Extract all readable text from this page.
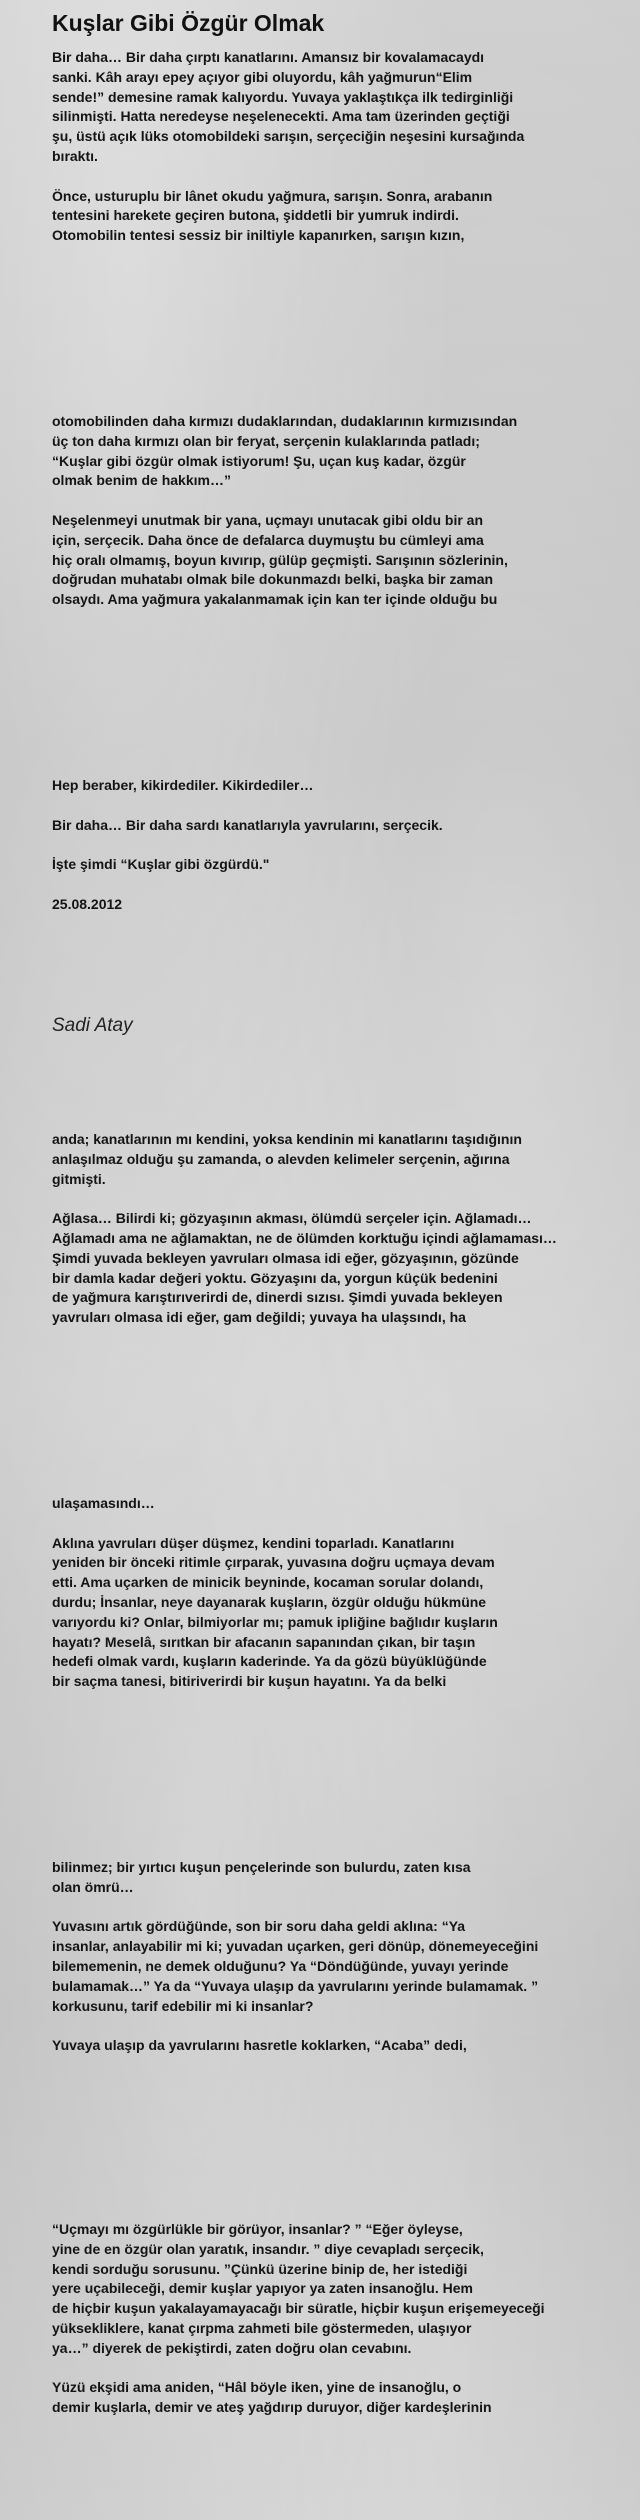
Kuşlar Gibi Özgür Olmak

Bir daha… Bir daha çırptı kanatlarını. Amansız bir kovalamacaydı
sanki. Kâh arayı epey açıyor gibi oluyordu, kâh yağmurun“Elim
sende!” demesine ramak kalıyordu. Yuvaya yaklaştıkça ilk tedirginliği
silinmişti. Hatta neredeyse neşelenecekti. Ama tam üzerinden geçtiği
şu, üstü açık lüks otomobildeki sarışın, serçeciğin neşesini kursağında
bıraktı.

Önce, usturuplu bir lânet okudu yağmura, sarışın. Sonra, arabanın
tentesini harekete geçiren butona, şiddetli bir yumruk indirdi.
Otomobilin tentesi sessiz bir iniltiyle kapanırken, sarışın kızın,

otomobilinden daha kırmızı dudaklarından, dudaklarının kırmızısından
üç ton daha kırmızı olan bir feryat, serçenin kulaklarında patladı;
“Kuşlar gibi özgür olmak istiyorum! Şu, uçan kuş kadar, özgür
olmak benim de hakkım…”

Neşelenmeyi unutmak bir yana, uçmayı unutacak gibi oldu bir an
için, serçecik. Daha önce de defalarca duymuştu bu cümleyi ama
hiç oralı olmamış, boyun kıvırıp, gülüp geçmişti. Sarışının sözlerinin,
doğrudan muhatabı olmak bile dokunmazdı belki, başka bir zaman
olsaydı. Ama yağmura yakalanmamak için kan ter içinde olduğu bu

Hep beraber, kikirdediler. Kikirdediler…

Bir daha… Bir daha sardı kanatlarıyla yavrularını, serçecik.

İşte şimdi “Kuşlar gibi özgürdü."

25.08.2012

Sadi Atay

anda; kanatlarının mı kendini, yoksa kendinin mi kanatlarını taşıdığının
anlaşılmaz olduğu şu zamanda, o alevden kelimeler serçenin, ağırına
gitmişti.

Ağlasa… Bilirdi ki; gözyaşının akması, ölümdü serçeler için. Ağlamadı…
Ağlamadı ama ne ağlamaktan, ne de ölümden korktuğu içindi ağlamaması…
Şimdi yuvada bekleyen yavruları olmasa idi eğer, gözyaşının, gözünde
bir damla kadar değeri yoktu. Gözyaşını da, yorgun küçük bedenini
de yağmura karıştırıverirdi de, dinerdi sızısı. Şimdi yuvada bekleyen
yavruları olmasa idi eğer, gam değildi; yuvaya ha ulaşsındı, ha

ulaşamasındı…

Aklına yavruları düşer düşmez, kendini toparladı. Kanatlarını
yeniden bir önceki ritimle çırparak, yuvasına doğru uçmaya devam
etti. Ama uçarken de minicik beyninde, kocaman sorular dolandı,
durdu; İnsanlar, neye dayanarak kuşların, özgür olduğu hükmüne
varıyordu ki? Onlar, bilmiyorlar mı; pamuk ipliğine bağlıdır kuşların
hayatı? Meselâ, sırıtkan bir afacanın sapanından çıkan, bir taşın
hedefi olmak vardı, kuşların kaderinde. Ya da gözü büyüklüğünde
bir saçma tanesi, bitiriverirdi bir kuşun hayatını. Ya da belki

bilinmez; bir yırtıcı kuşun pençelerinde son bulurdu, zaten kısa
olan ömrü…

Yuvasını artık gördüğünde, son bir soru daha geldi aklına: “Ya
insanlar, anlayabilir mi ki; yuvadan uçarken, geri dönüp, dönemeyeceğini
bilememenin, ne demek olduğunu? Ya “Döndüğünde, yuvayı yerinde
bulamamak…” Ya da “Yuvaya ulaşıp da yavrularını yerinde bulamamak. ”
korkusunu, tarif edebilir mi ki insanlar?

Yuvaya ulaşıp da yavrularını hasretle koklarken, “Acaba” dedi,

“Uçmayı mı özgürlükle bir görüyor, insanlar? ” “Eğer öyleyse,
yine de en özgür olan yaratık, insandır. ” diye cevapladı serçecik,
kendi sorduğu sorusunu. ”Çünkü üzerine binip de, her istediği
yere uçabileceği, demir kuşlar yapıyor ya zaten insanoğlu. Hem
de hiçbir kuşun yakalayamayacağı bir süratle, hiçbir kuşun erişemeyeceği
yüksekliklere, kanat çırpma zahmeti bile göstermeden, ulaşıyor
ya…” diyerek de pekiştirdi, zaten doğru olan cevabını.

Yüzü ekşidi ama aniden, “Hâl böyle iken, yine de insanoğlu, o
demir kuşlarla, demir ve ateş yağdırıp duruyor, diğer kardeşlerinin
